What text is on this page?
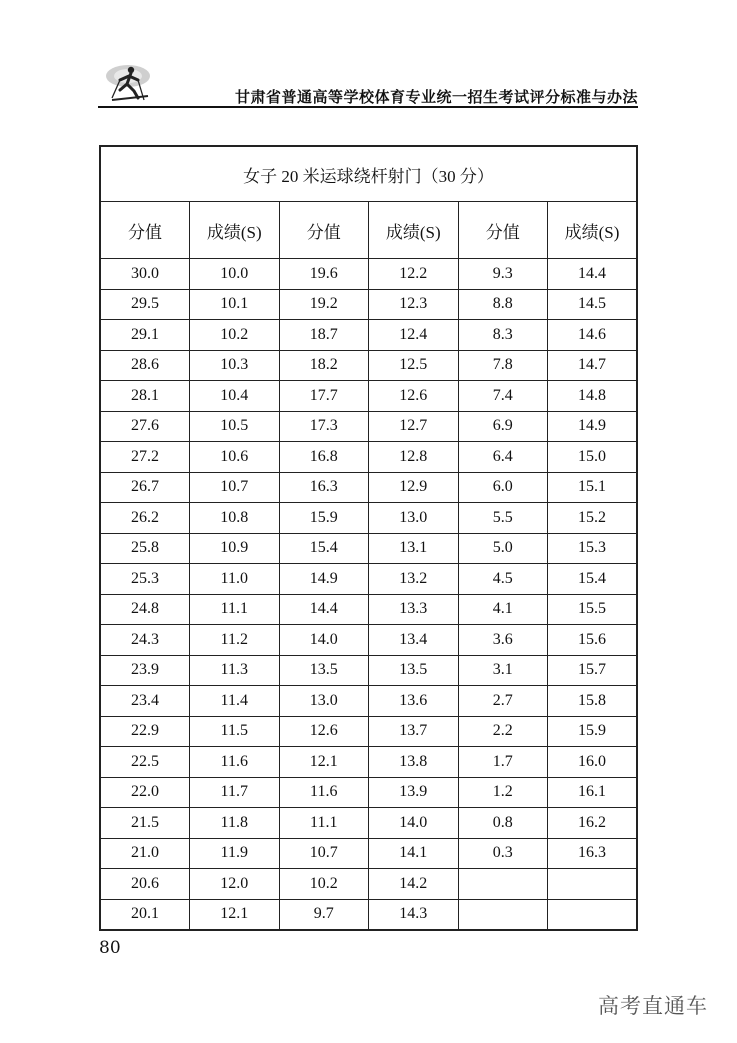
甘肃省普通高等学校体育专业统一招生考试评分标准与办法
女子 20 米运球绕杆射门（30 分）					
分值	成绩(S)	分值	成绩(S)	分值	成绩(S)
30.0	10.0	19.6	12.2	9.3	14.4
29.5	10.1	19.2	12.3	8.8	14.5
29.1	10.2	18.7	12.4	8.3	14.6
28.6	10.3	18.2	12.5	7.8	14.7
28.1	10.4	17.7	12.6	7.4	14.8
27.6	10.5	17.3	12.7	6.9	14.9
27.2	10.6	16.8	12.8	6.4	15.0
26.7	10.7	16.3	12.9	6.0	15.1
26.2	10.8	15.9	13.0	5.5	15.2
25.8	10.9	15.4	13.1	5.0	15.3
25.3	11.0	14.9	13.2	4.5	15.4
24.8	11.1	14.4	13.3	4.1	15.5
24.3	11.2	14.0	13.4	3.6	15.6
23.9	11.3	13.5	13.5	3.1	15.7
23.4	11.4	13.0	13.6	2.7	15.8
22.9	11.5	12.6	13.7	2.2	15.9
22.5	11.6	12.1	13.8	1.7	16.0
22.0	11.7	11.6	13.9	1.2	16.1
21.5	11.8	11.1	14.0	0.8	16.2
21.0	11.9	10.7	14.1	0.3	16.3
20.6	12.0	10.2	14.2		
20.1	12.1	9.7	14.3		
80
高考直通车
